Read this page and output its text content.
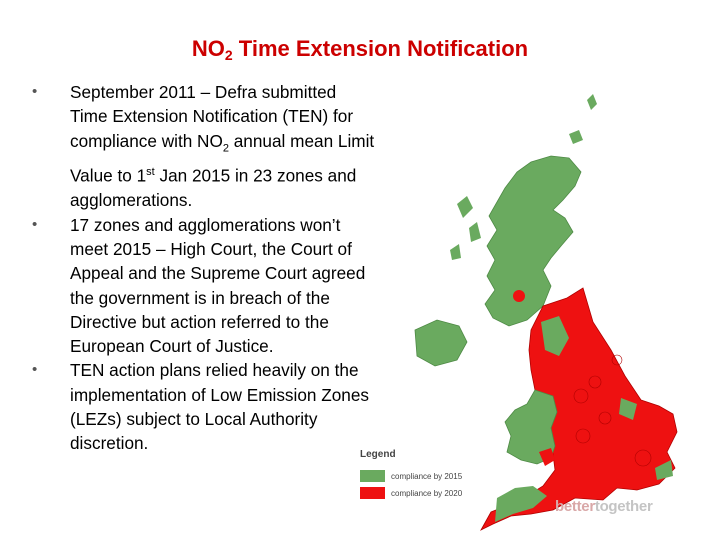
NO2 Time Extension Notification
• September 2011 – Defra submitted Time Extension Notification (TEN) for compliance with $NO_2$ annual mean Limit Value to 1st Jan 2015 in 23 zones and agglomerations.
• 17 zones and agglomerations won’t meet 2015 – High Court, the Court of Appeal and the Supreme Court agreed the government is in breach of the Directive but action referred to the European Court of Justice.
• TEN action plans relied heavily on the implementation of Low Emission Zones (LEZs) subject to Local Authority discretion.
Legend
compliance by 2015
compliance by 2020
bettertogether
